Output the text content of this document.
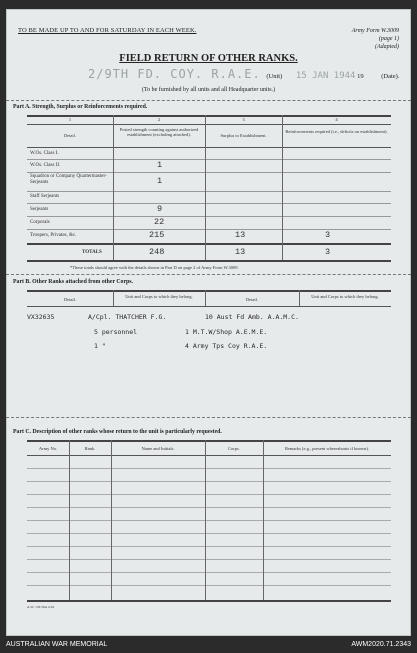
TO BE MADE UP TO AND FOR SATURDAY IN EACH WEEK.	Army Form W.3009
(page 1)
(Adapted)
FIELD RETURN OF OTHER RANKS.
2/9TH FD. COY. R.A.E. (Unit) 15 JAN 1944 19	(Date).
(To be furnished by all units and all Headquarter units.)
Part A. Strength, Surplus or Reinforcements required.
1	2	3	4
Detail.
Posted strength counting against authorized establishment (excluding attached).	Surplus to Establishment.
Reinforcements required (i.e., deficits on establishment).
W.Os. Class I.
W.Os. Class II.	1
Squadron or Company Quartermaster-Serjeants	1
Staff Serjeants
Serjeants	9
Corporals	22
Troopers, Privates, &c.	215	13	3
TOTALS	248	13	3
*These totals should agree with the details shown in Part D on page 2 of Army Form W.3009.
Part B. Other Ranks attached from other Corps.
Detail.
Unit and Corps to which they belong.
Detail.
Unit and Corps to which they belong.
VX32635	A/Cpl. THATCHER F.G.	10 Aust Fd Amb. A.A.M.C.
5 personnel	1 M.T.W/Shop A.E.M.E.
1 "	4 Army Tps Coy R.A.E.
Part C. Description of other ranks whose return to the unit is particularly requested.
Army No.	Rank.	Name and Initials.	Corps.	Remarks (e.g., present whereabouts if known).
A.W. 156 56A 2/42
AUSTRALIAN WAR MEMORIAL	AWM2020.71.2343
